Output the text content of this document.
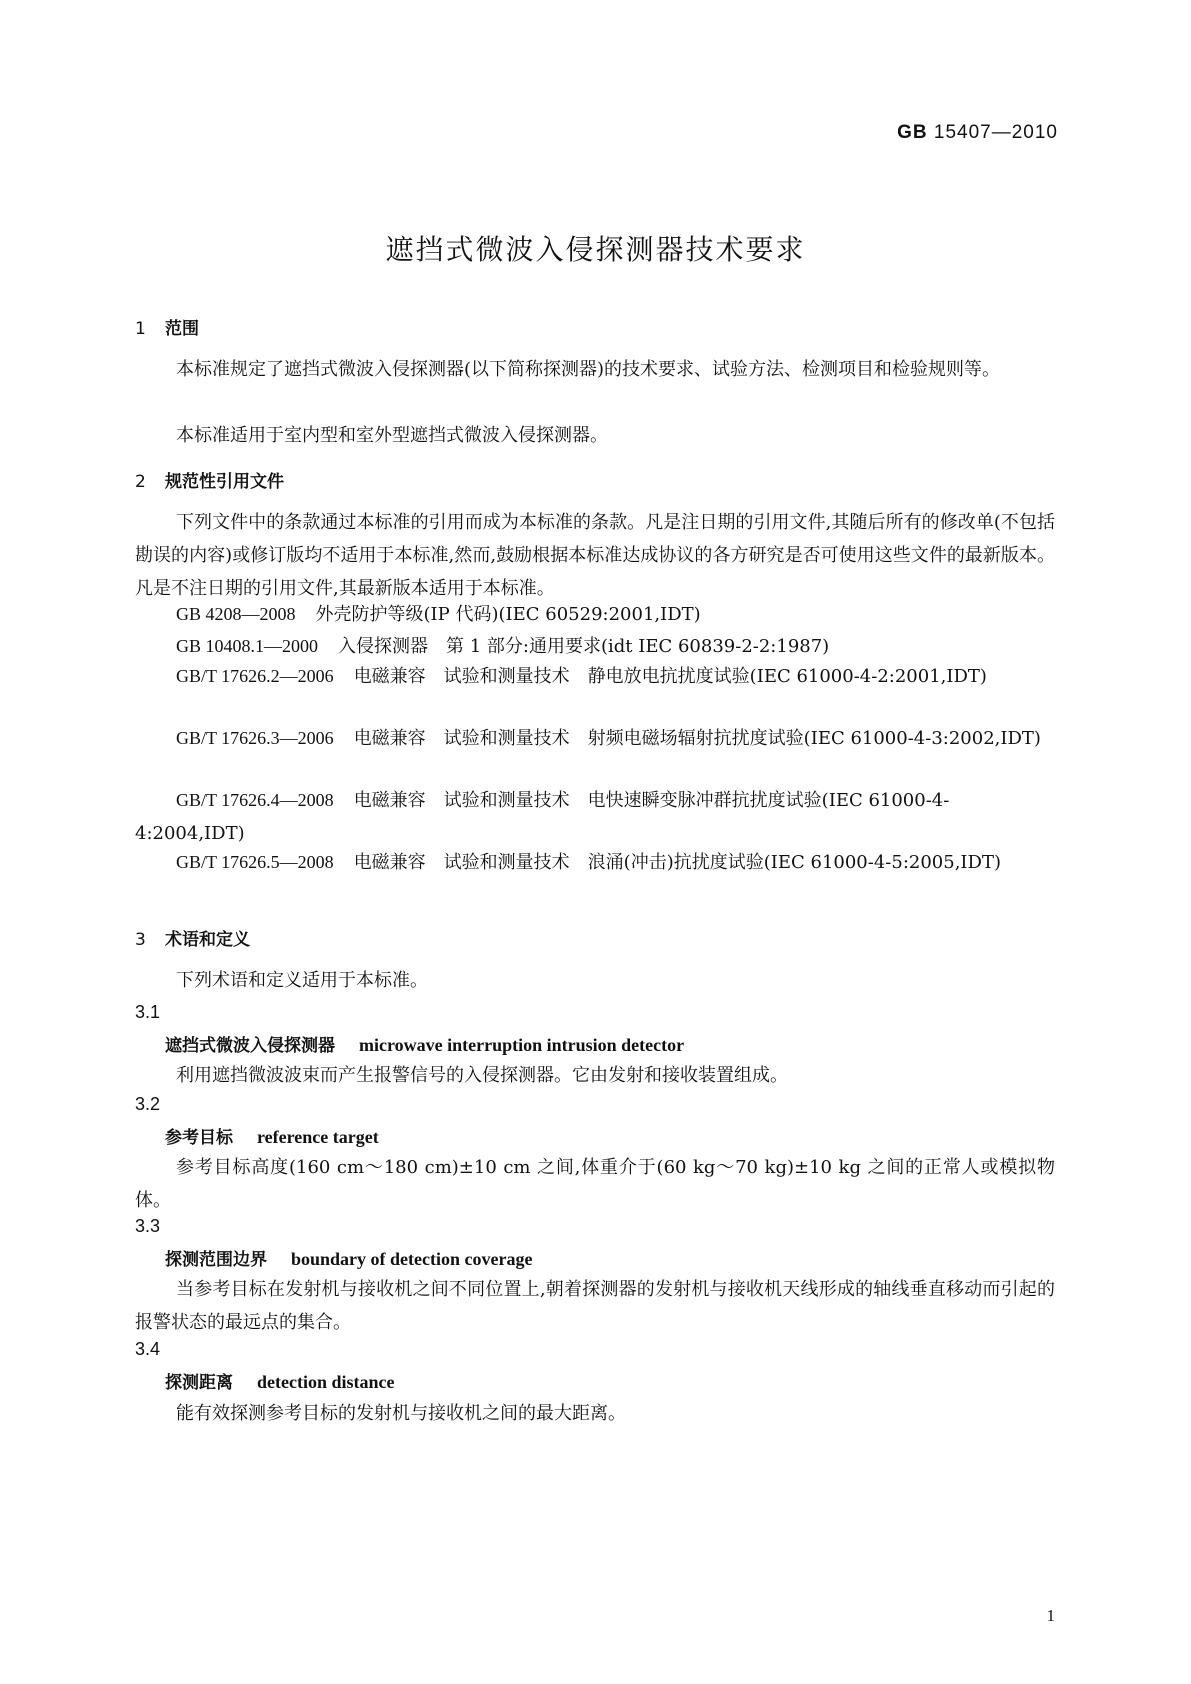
GB 15407—2010
遮挡式微波入侵探测器技术要求
1 范围
本标准规定了遮挡式微波入侵探测器(以下简称探测器)的技术要求、试验方法、检测项目和检验规则等。
本标准适用于室内型和室外型遮挡式微波入侵探测器。
2 规范性引用文件
下列文件中的条款通过本标准的引用而成为本标准的条款。凡是注日期的引用文件,其随后所有的修改单(不包括勘误的内容)或修订版均不适用于本标准,然而,鼓励根据本标准达成协议的各方研究是否可使用这些文件的最新版本。凡是不注日期的引用文件,其最新版本适用于本标准。
GB 4208—2008 外壳防护等级(IP 代码)(IEC 60529:2001,IDT)
GB 10408.1—2000 入侵探测器　第 1 部分:通用要求(idt IEC 60839-2-2:1987)
GB/T 17626.2—2006 电磁兼容　试验和测量技术　静电放电抗扰度试验(IEC 61000-4-2:2001,IDT)
GB/T 17626.3—2006 电磁兼容　试验和测量技术　射频电磁场辐射抗扰度试验(IEC 61000-4-3:2002,IDT)
GB/T 17626.4—2008 电磁兼容　试验和测量技术　电快速瞬变脉冲群抗扰度试验(IEC 61000-4-4:2004,IDT)
GB/T 17626.5—2008 电磁兼容　试验和测量技术　浪涌(冲击)抗扰度试验(IEC 61000-4-5:2005,IDT)
3 术语和定义
下列术语和定义适用于本标准。
3.1
遮挡式微波入侵探测器 microwave interruption intrusion detector
利用遮挡微波波束而产生报警信号的入侵探测器。它由发射和接收装置组成。
3.2
参考目标 reference target
参考目标高度(160 cm～180 cm)±10 cm 之间,体重介于(60 kg～70 kg)±10 kg 之间的正常人或模拟物体。
3.3
探测范围边界 boundary of detection coverage
当参考目标在发射机与接收机之间不同位置上,朝着探测器的发射机与接收机天线形成的轴线垂直移动而引起的报警状态的最远点的集合。
3.4
探测距离 detection distance
能有效探测参考目标的发射机与接收机之间的最大距离。
1
